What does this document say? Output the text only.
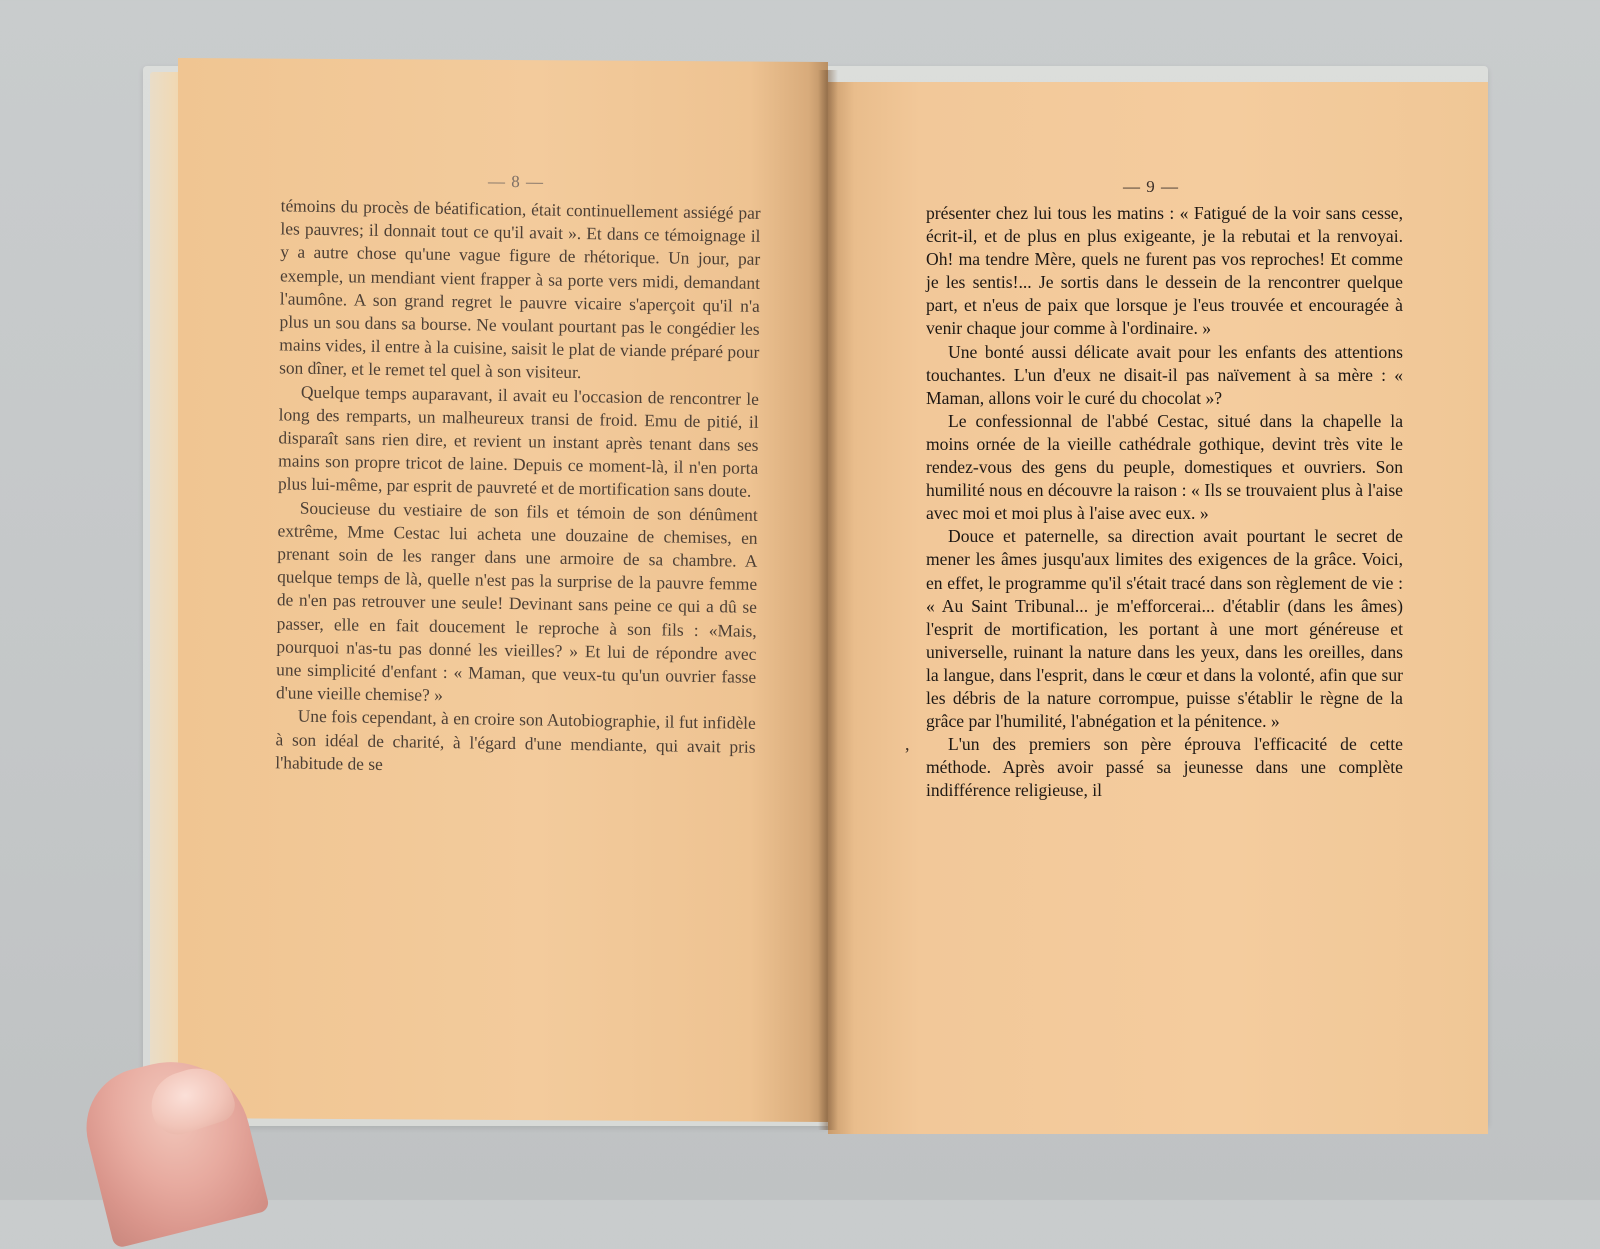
— 8 —

témoins du procès de béatification, était continuellement assiégé par les pauvres; il donnait tout ce qu'il avait ». Et dans ce témoignage il y a autre chose qu'une vague figure de rhétorique. Un jour, par exemple, un mendiant vient frapper à sa porte vers midi, demandant l'aumône. A son grand regret le pauvre vicaire s'aperçoit qu'il n'a plus un sou dans sa bourse. Ne voulant pourtant pas le congédier les mains vides, il entre à la cuisine, saisit le plat de viande préparé pour son dîner, et le remet tel quel à son visiteur.

Quelque temps auparavant, il avait eu l'occasion de rencontrer le long des remparts, un malheureux transi de froid. Emu de pitié, il disparaît sans rien dire, et revient un instant après tenant dans ses mains son propre tricot de laine. Depuis ce moment-là, il n'en porta plus lui-même, par esprit de pauvreté et de mortification sans doute.

Soucieuse du vestiaire de son fils et témoin de son dénûment extrême, Mme Cestac lui acheta une douzaine de chemises, en prenant soin de les ranger dans une armoire de sa chambre. A quelque temps de là, quelle n'est pas la surprise de la pauvre femme de n'en pas retrouver une seule! Devinant sans peine ce qui a dû se passer, elle en fait doucement le reproche à son fils : «Mais, pourquoi n'as-tu pas donné les vieilles? » Et lui de répondre avec une simplicité d'enfant : « Maman, que veux-tu qu'un ouvrier fasse d'une vieille chemise? »

Une fois cependant, à en croire son Autobiographie, il fut infidèle à son idéal de charité, à l'égard d'une mendiante, qui avait pris l'habitude de se

— 9 —
,

présenter chez lui tous les matins : « Fatigué de la voir sans cesse, écrit-il, et de plus en plus exigeante, je la rebutai et la renvoyai. Oh! ma tendre Mère, quels ne furent pas vos reproches! Et comme je les sentis!... Je sortis dans le dessein de la rencontrer quelque part, et n'eus de paix que lorsque je l'eus trouvée et encouragée à venir chaque jour comme à l'ordinaire. »

Une bonté aussi délicate avait pour les enfants des attentions touchantes. L'un d'eux ne disait-il pas naïvement à sa mère : « Maman, allons voir le curé du chocolat »?

Le confessionnal de l'abbé Cestac, situé dans la chapelle la moins ornée de la vieille cathédrale gothique, devint très vite le rendez-vous des gens du peuple, domestiques et ouvriers. Son humilité nous en découvre la raison : « Ils se trouvaient plus à l'aise avec moi et moi plus à l'aise avec eux. »

Douce et paternelle, sa direction avait pourtant le secret de mener les âmes jusqu'aux limites des exigences de la grâce. Voici, en effet, le programme qu'il s'était tracé dans son règlement de vie : « Au Saint Tribunal... je m'efforcerai... d'établir (dans les âmes) l'esprit de mortification, les portant à une mort généreuse et universelle, ruinant la nature dans les yeux, dans les oreilles, dans la langue, dans l'esprit, dans le cœur et dans la volonté, afin que sur les débris de la nature corrompue, puisse s'établir le règne de la grâce par l'humilité, l'abnégation et la pénitence. »

L'un des premiers son père éprouva l'efficacité de cette méthode. Après avoir passé sa jeunesse dans une complète indifférence religieuse, il
